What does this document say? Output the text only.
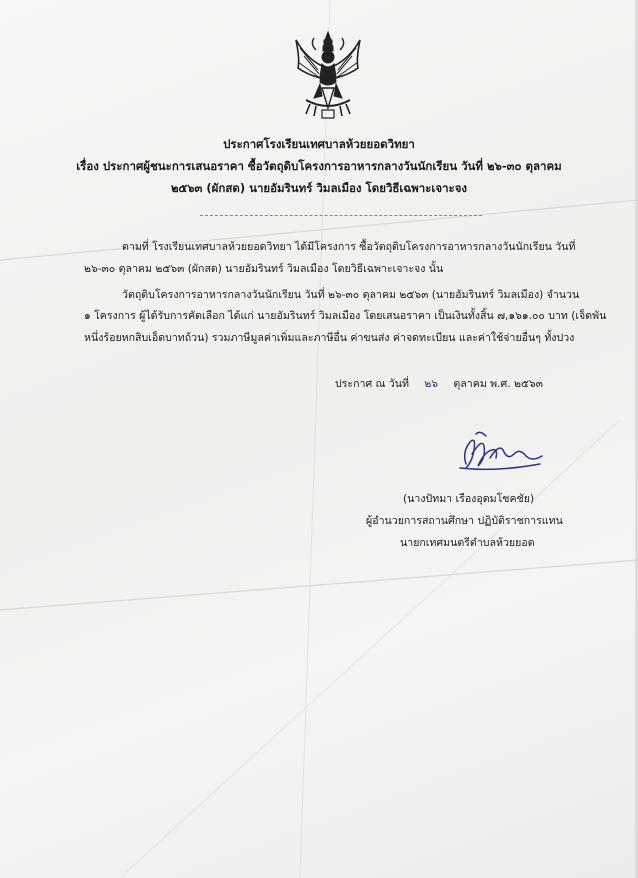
ประกาศโรงเรียนเทศบาลห้วยยอดวิทยา
เรื่อง ประกาศผู้ชนะการเสนอราคา ซื้อวัตถุดิบโครงการอาหารกลางวันนักเรียน วันที่ ๒๖-๓๐ ตุลาคม
๒๕๖๓ (ผักสด) นายอัมรินทร์ วิมลเมือง โดยวิธีเฉพาะเจาะจง
ตามที่ โรงเรียนเทศบาลห้วยยอดวิทยา ได้มีโครงการ ซื้อวัตถุดิบโครงการอาหารกลางวันนักเรียน วันที่
๒๖-๓๐ ตุลาคม ๒๕๖๓ (ผักสด) นายอัมรินทร์ วิมลเมือง โดยวิธีเฉพาะเจาะจง นั้น
วัตถุดิบโครงการอาหารกลางวันนักเรียน วันที่ ๒๖-๓๐ ตุลาคม ๒๕๖๓ (นายอัมรินทร์ วิมลเมือง) จำนวน
๑ โครงการ ผู้ได้รับการคัดเลือก ได้แก่ นายอัมรินทร์ วิมลเมือง โดยเสนอราคา เป็นเงินทั้งสิ้น ๗,๑๖๑.๐๐ บาท (เจ็ดพัน
หนึ่งร้อยหกสิบเอ็ดบาทถ้วน) รวมภาษีมูลค่าเพิ่มและภาษีอื่น ค่าขนส่ง ค่าจดทะเบียน และค่าใช้จ่ายอื่นๆ ทั้งปวง
ประกาศ ณ วันที่ ๒๖ ตุลาคม พ.ศ. ๒๕๖๓
(นางปัทมา เรืองอุดมโชคชัย)
ผู้อำนวยการสถานศึกษา ปฏิบัติราชการแทน
นายกเทศมนตรีตำบลห้วยยอด
